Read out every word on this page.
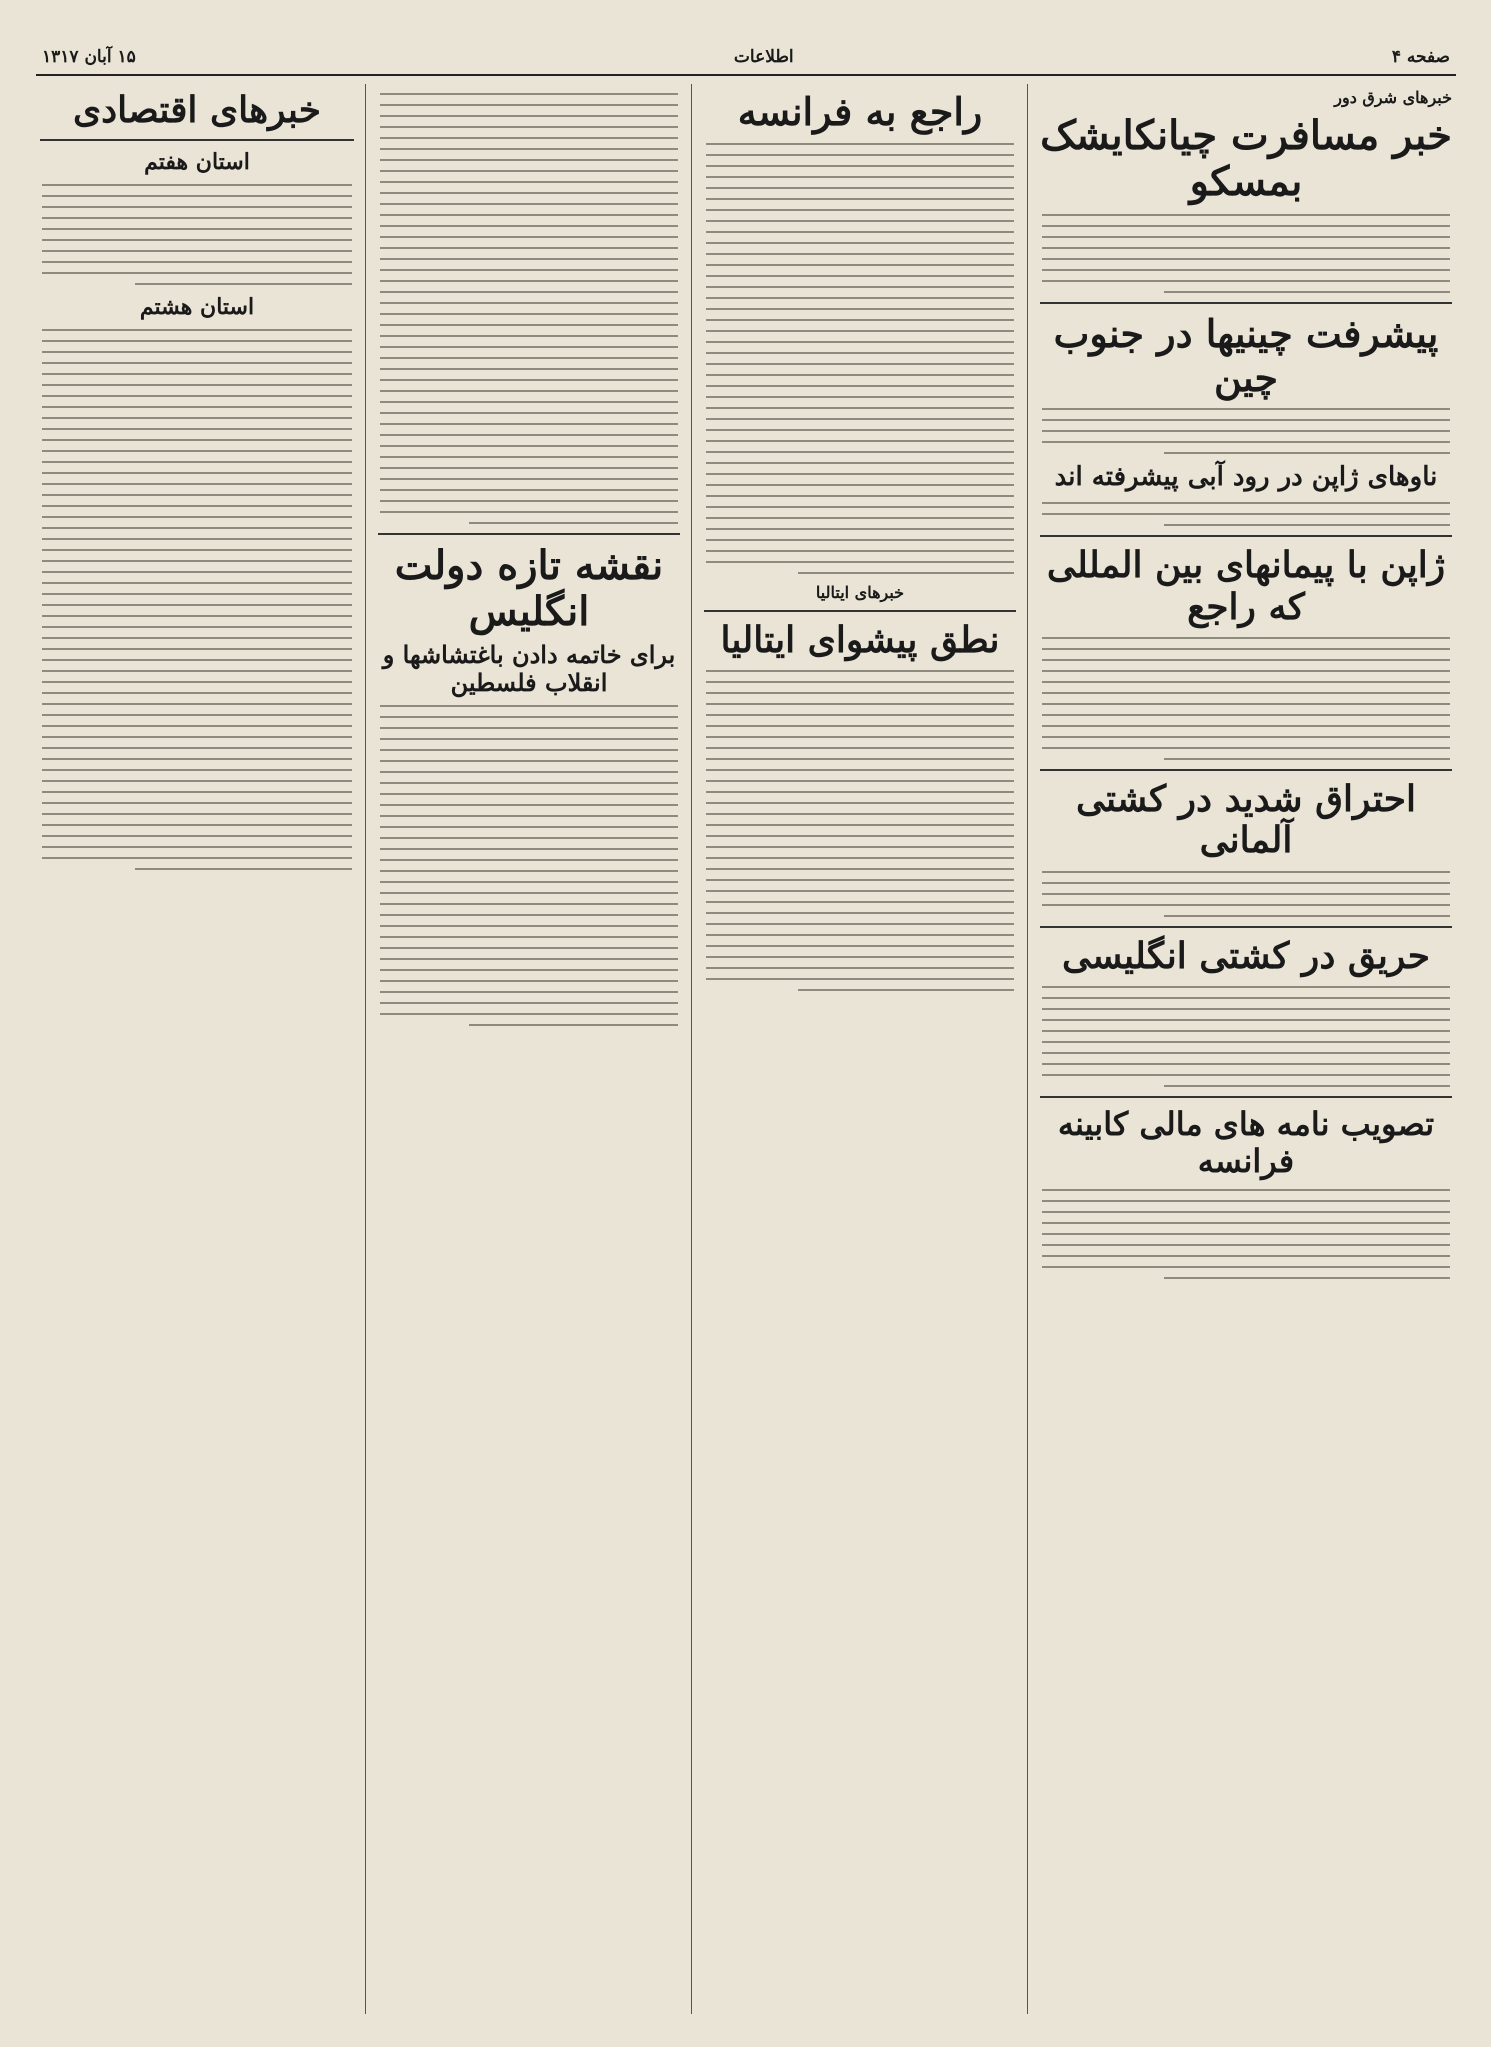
صفحه ۴
اطلاعات
۱۵ آبان ۱۳۱۷
خبرهای شرق دور
خبر مسافرت چیانکایشک بمسکو
پیشرفت چینیها در جنوب چین
ناوهای ژاپن در رود آبی پیشرفته اند
ژاپن با پیمانهای بین المللی که راجع
احتراق شدید در کشتی آلمانی
حریق در کشتی انگلیسی
تصویب نامه های مالی کابینه فرانسه
راجع به فرانسه
خبرهای ایتالیا
نطق پیشوای ایتالیا
نقشه تازه دولت انگلیس
برای خاتمه دادن باغتشاشها و انقلاب فلسطین
خبرهای اقتصادی
استان هفتم
استان هشتم
